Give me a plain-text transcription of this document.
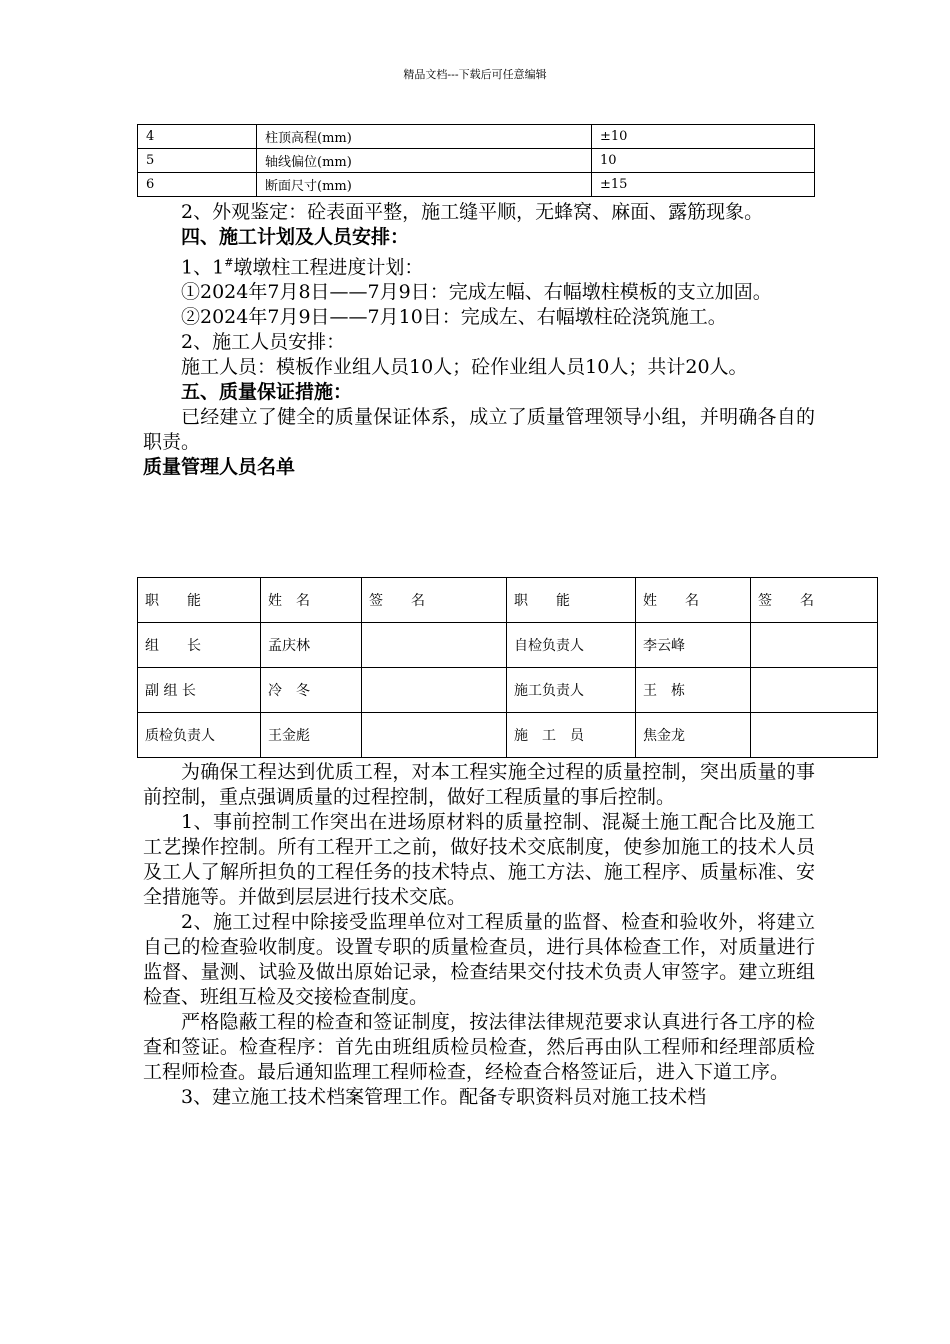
精品文档---下载后可任意编辑
4	柱顶高程(mm)	±10
5	轴线偏位(mm)	10
6	断面尺寸(mm)	±15

2、外观鉴定：砼表面平整，施工缝平顺，无蜂窝、麻面、露筋现象。

四、施工计划及人员安排：

1、1#墩墩柱工程进度计划：

①2024年7月8日——7月9日：完成左幅、右幅墩柱模板的支立加固。

②2024年7月9日——7月10日：完成左、右幅墩柱砼浇筑施工。

2、施工人员安排：

施工人员：模板作业组人员10人；砼作业组人员10人；共计20人。

五、质量保证措施：

已经建立了健全的质量保证体系，成立了质量管理领导小组，并明确各自的职责。

质量管理人员名单

职　　能	姓　名	签　　名	职　　能	姓　　名	签　　名
组　　长	孟庆林		自检负责人	李云峰	
副 组 长	冷　冬		施工负责人	王　栋	
质检负责人	王金彪		施　工　员	焦金龙	

为确保工程达到优质工程，对本工程实施全过程的质量控制，突出质量的事前控制，重点强调质量的过程控制，做好工程质量的事后控制。

1、事前控制工作突出在进场原材料的质量控制、混凝土施工配合比及施工工艺操作控制。所有工程开工之前，做好技术交底制度，使参加施工的技术人员及工人了解所担负的工程任务的技术特点、施工方法、施工程序、质量标准、安全措施等。并做到层层进行技术交底。

2、施工过程中除接受监理单位对工程质量的监督、检查和验收外，将建立自己的检查验收制度。设置专职的质量检查员，进行具体检查工作，对质量进行监督、量测、试验及做出原始记录，检查结果交付技术负责人审签字。建立班组检查、班组互检及交接检查制度。

严格隐蔽工程的检查和签证制度，按法律法律规范要求认真进行各工序的检查和签证。检查程序：首先由班组质检员检查，然后再由队工程师和经理部质检工程师检查。最后通知监理工程师检查，经检查合格签证后，进入下道工序。

3、建立施工技术档案管理工作。配备专职资料员对施工技术档
